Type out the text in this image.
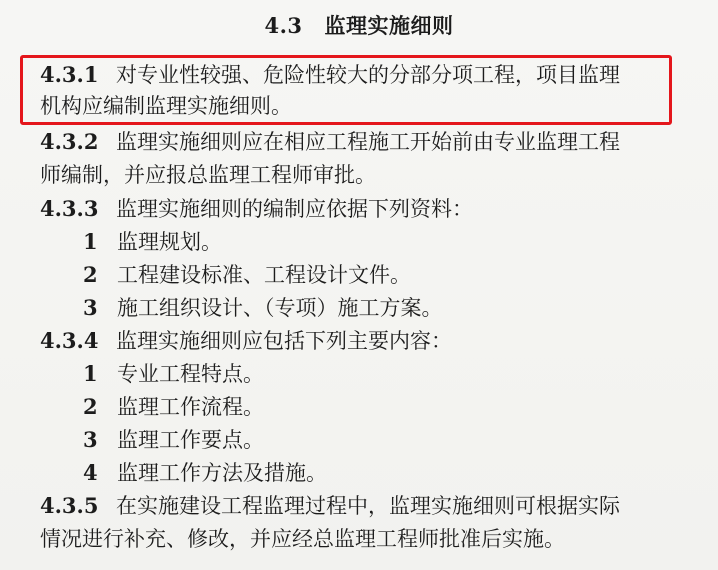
4.3 监理实施细则
4.3.1 对专业性较强、危险性较大的分部分项工程，项目监理
机构应编制监理实施细则。
4.3.2 监理实施细则应在相应工程施工开始前由专业监理工程
师编制，并应报总监理工程师审批。
4.3.3 监理实施细则的编制应依据下列资料：
1 监理规划。
2 工程建设标准、工程设计文件。
3 施工组织设计、（专项）施工方案。
4.3.4 监理实施细则应包括下列主要内容：
1 专业工程特点。
2 监理工作流程。
3 监理工作要点。
4 监理工作方法及措施。
4.3.5 在实施建设工程监理过程中，监理实施细则可根据实际
情况进行补充、修改，并应经总监理工程师批准后实施。
